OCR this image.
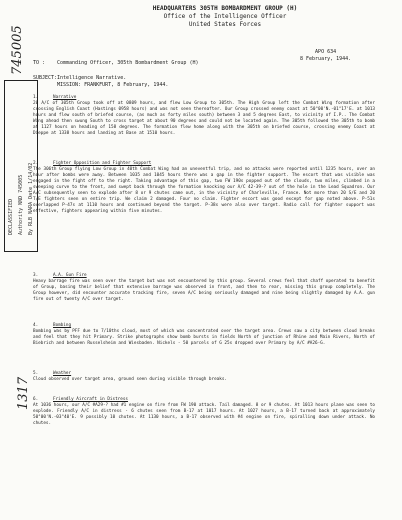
DECLASSIFIED Authority NND 745005 By RLB NARA Date 1/14/02
745005
1317
HEADQUARTERS 305TH BOMBARDMENT GROUP (H)
Office of the Intelligence Officer
United States Forces
APO 634
8 February, 1944.
TO :	Commanding Officer, 305th Bombardment Group (H)
SUBJECT: Intelligence Narrative.
MISSION: FRANKFURT, 8 February, 1944.
1.	Narrative
20 A/C of 305th Group took off at 0809 hours, and flew Low Group to 305th. The High Group left the Combat Wing formation after crossing English Coast (Hastings 0958 hours) and was not seen thereafter. Our Group crossed enemy coast at 50°00'N.-01°17'E. at 1013 hours and flew south of briefed course, (as much as forty miles south) between 3 and 5 degrees East, to vicinity of I.P.. The Combat Wing ahead then swung South to cross target at about 90 degrees and could not be located again. The 305th followed the 305th to bomb at 1127 hours on heading of 158 degrees. The formation flew home along with the 305th on briefed course, crossing enemy Coast at Dieppe at 1338 hours and landing at Base at 1510 hours.
2.	Fighter Opposition and Fighter Support
The 306th Group flying Low Group in 40th Combat Wing had an uneventful trip, and no attacks were reported until 1235 hours, over an hour after bombs were away. Between 1035 and 1045 hours there was a gap in the fighter support. The escort that was visible was engaged in the fight off to the right. Taking advantage of this gap, two FW 190s popped out of the clouds, two miles, climbed in a sweeping curve to the front, and swept back through the formation knocking our A/C 42-39-? out of the hole in the Lead Squadron. Our A/C subsequently seen to explode after 8 or 9 chutes came out, in the vicinity of Charleville, France. Not more than 20 S/E and 20 T/E fighters seen on entire trip. We claim 2 damaged. Four no claim. Fighter escort was good except for gap noted above. P-51s overlapped P-47s at 1110 hours and continued beyond the target. P-38s were also over target. Radio call for fighter support was effective, fighters appearing within five minutes.
3.	A.A. Gun Fire
Heavy barrage fire was seen over the target but was not encountered by this group. Several crews feel that chaff operated to benefit of Group, basing their belief that extensive barrage was observed in front, and then to rear, missing this group completely. The Group however, did encounter accurate tracking fire, seven A/C being seriously damaged and nine being slightly damaged by A.A. gun fire out of twenty A/C over target.
4.	Bombing
Bombing was by PFF due to 7/10ths cloud, most of which was concentrated over the target area. Crews saw a city between cloud breaks and feel that they hit Primary. Strike photographs show bomb bursts in fields North of junction of Rhine and Main Rivers, North of Biebrich and between Russelsheim and Wiesbaden. Nickels - 50 parcels of G 25s dropped over Primary by A/C #A26-G.
5.	Weather
Cloud observed over target area, ground seen during visible through breaks.
6.	Friendly Aircraft in Distress
At 1036 hours, our A/C #A29-? had #1 engine on fire from FW 190 attack. Tail damaged. 8 or 9 chutes. At 1013 hours plane was seen to explode. Friendly A/C in distress - 6 chutes seen from B-17 at 1017 hours. At 1027 hours, a B-17 turned back at approximately 50°00'N.-03°40'E. 9 possibly 10 chutes. At 1130 hours, a B-17 observed with #4 engine on fire, spiralling down under attack. No chutes.
